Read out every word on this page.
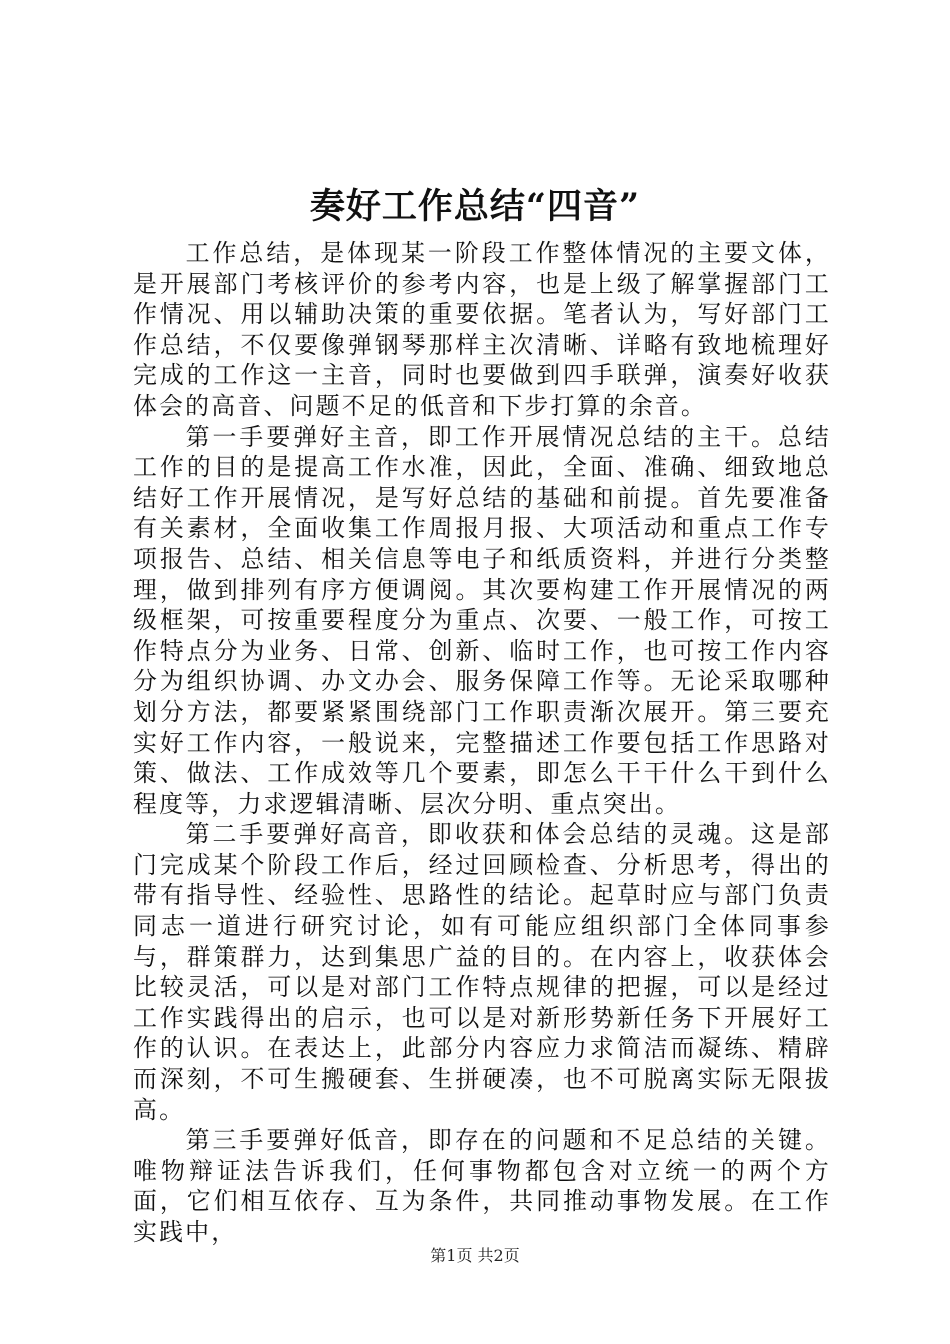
奏好工作总结“四音”

工作总结，是体现某一阶段工作整体情况的主要文体，是开展部门考核评价的参考内容，也是上级了解掌握部门工作情况、用以辅助决策的重要依据。笔者认为，写好部门工作总结，不仅要像弹钢琴那样主次清晰、详略有致地梳理好完成的工作这一主音，同时也要做到四手联弹，演奏好收获体会的高音、问题不足的低音和下步打算的余音。

第一手要弹好主音，即工作开展情况总结的主干。总结工作的目的是提高工作水准，因此，全面、准确、细致地总结好工作开展情况，是写好总结的基础和前提。首先要准备有关素材，全面收集工作周报月报、大项活动和重点工作专项报告、总结、相关信息等电子和纸质资料，并进行分类整理，做到排列有序方便调阅。其次要构建工作开展情况的两级框架，可按重要程度分为重点、次要、一般工作，可按工作特点分为业务、日常、创新、临时工作，也可按工作内容分为组织协调、办文办会、服务保障工作等。无论采取哪种划分方法，都要紧紧围绕部门工作职责渐次展开。第三要充实好工作内容，一般说来，完整描述工作要包括工作思路对策、做法、工作成效等几个要素，即怎么干干什么干到什么程度等，力求逻辑清晰、层次分明、重点突出。

第二手要弹好高音，即收获和体会总结的灵魂。这是部门完成某个阶段工作后，经过回顾检查、分析思考，得出的带有指导性、经验性、思路性的结论。起草时应与部门负责同志一道进行研究讨论，如有可能应组织部门全体同事参与，群策群力，达到集思广益的目的。在内容上，收获体会比较灵活，可以是对部门工作特点规律的把握，可以是经过工作实践得出的启示，也可以是对新形势新任务下开展好工作的认识。在表达上，此部分内容应力求简洁而凝练、精辟而深刻，不可生搬硬套、生拼硬凑，也不可脱离实际无限拔高。

第三手要弹好低音，即存在的问题和不足总结的关键。唯物辩证法告诉我们，任何事物都包含对立统一的两个方面，它们相互依存、互为条件，共同推动事物发展。在工作实践中，

第1页 共2页
